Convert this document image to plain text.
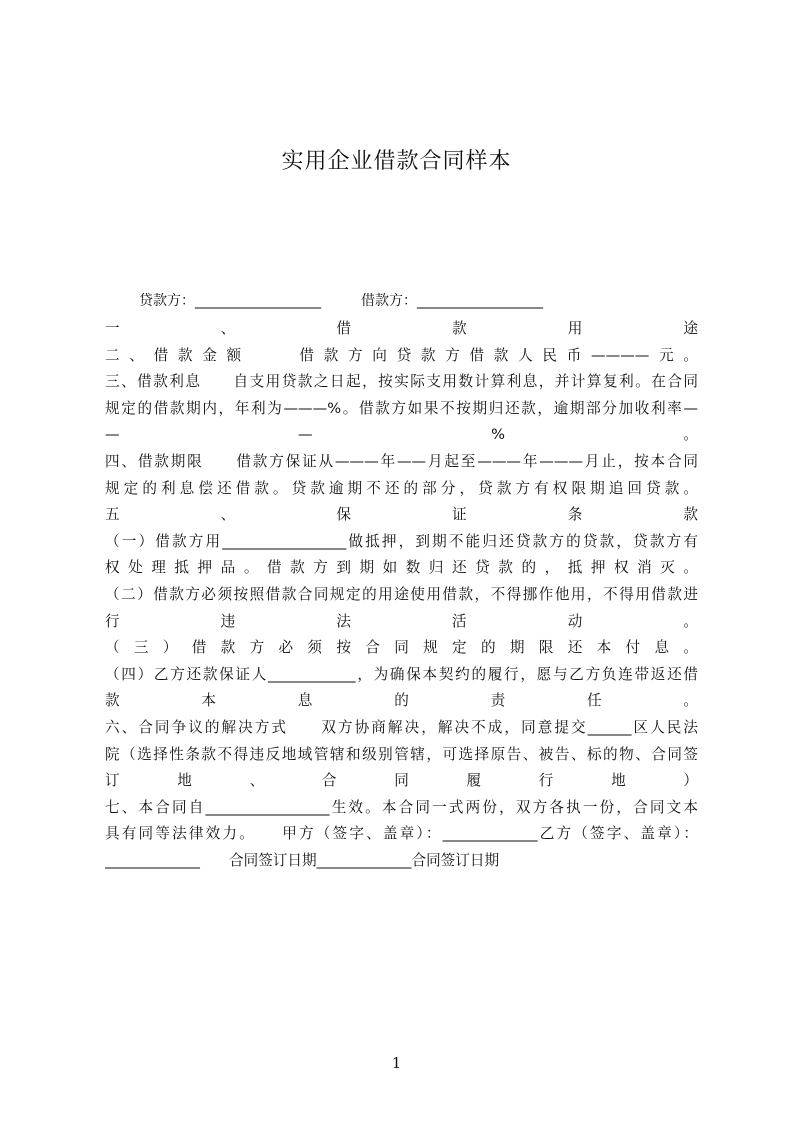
实用企业借款合同样本
贷款方：__________________	借款方：__________________
一 、 借 款 用 途
二、借款金额　　借款方向贷款方借款人民币————元。
三、借款利息　　自支用贷款之日起，按实际支用数计算利息，并计算复利。在合同
规定的借款期内，年利为———%。借款方如果不按期归还款，逾期部分加收利率—
— — % 。
四、借款期限　　借款方保证从———年——月起至———年———月止，按本合同
规定的利息偿还借款。贷款逾期不还的部分，贷款方有权限期追回贷款。
五 、 保 证 条 款
（一）借款方用_________________做抵押，到期不能归还贷款方的贷款，贷款方有
权处理抵押品。借款方到期如数归还贷款的，抵押权消灭。
（二）借款方必须按照借款合同规定的用途使用借款，不得挪作他用，不得用借款进
行 违 法 活 动 。
（三）借款方必须按合同规定的期限还本付息。
（四）乙方还款保证人____________，为确保本契约的履行，愿与乙方负连带返还借
款 本 息 的 责 任 。
六、合同争议的解决方式　　双方协商解决，解决不成，同意提交______区人民法
院（选择性条款不得违反地域管辖和级别管辖，可选择原告、被告、标的物、合同签
订 地 、 合 同 履 行 地 ）
七、本合同自_________________生效。本合同一式两份，双方各执一份，合同文本
具有同等法律效力。　　甲方（签字、盖章）：_____________乙方（签字、盖章）：
_____________　　合同签订日期_____________合同签订日期
1
